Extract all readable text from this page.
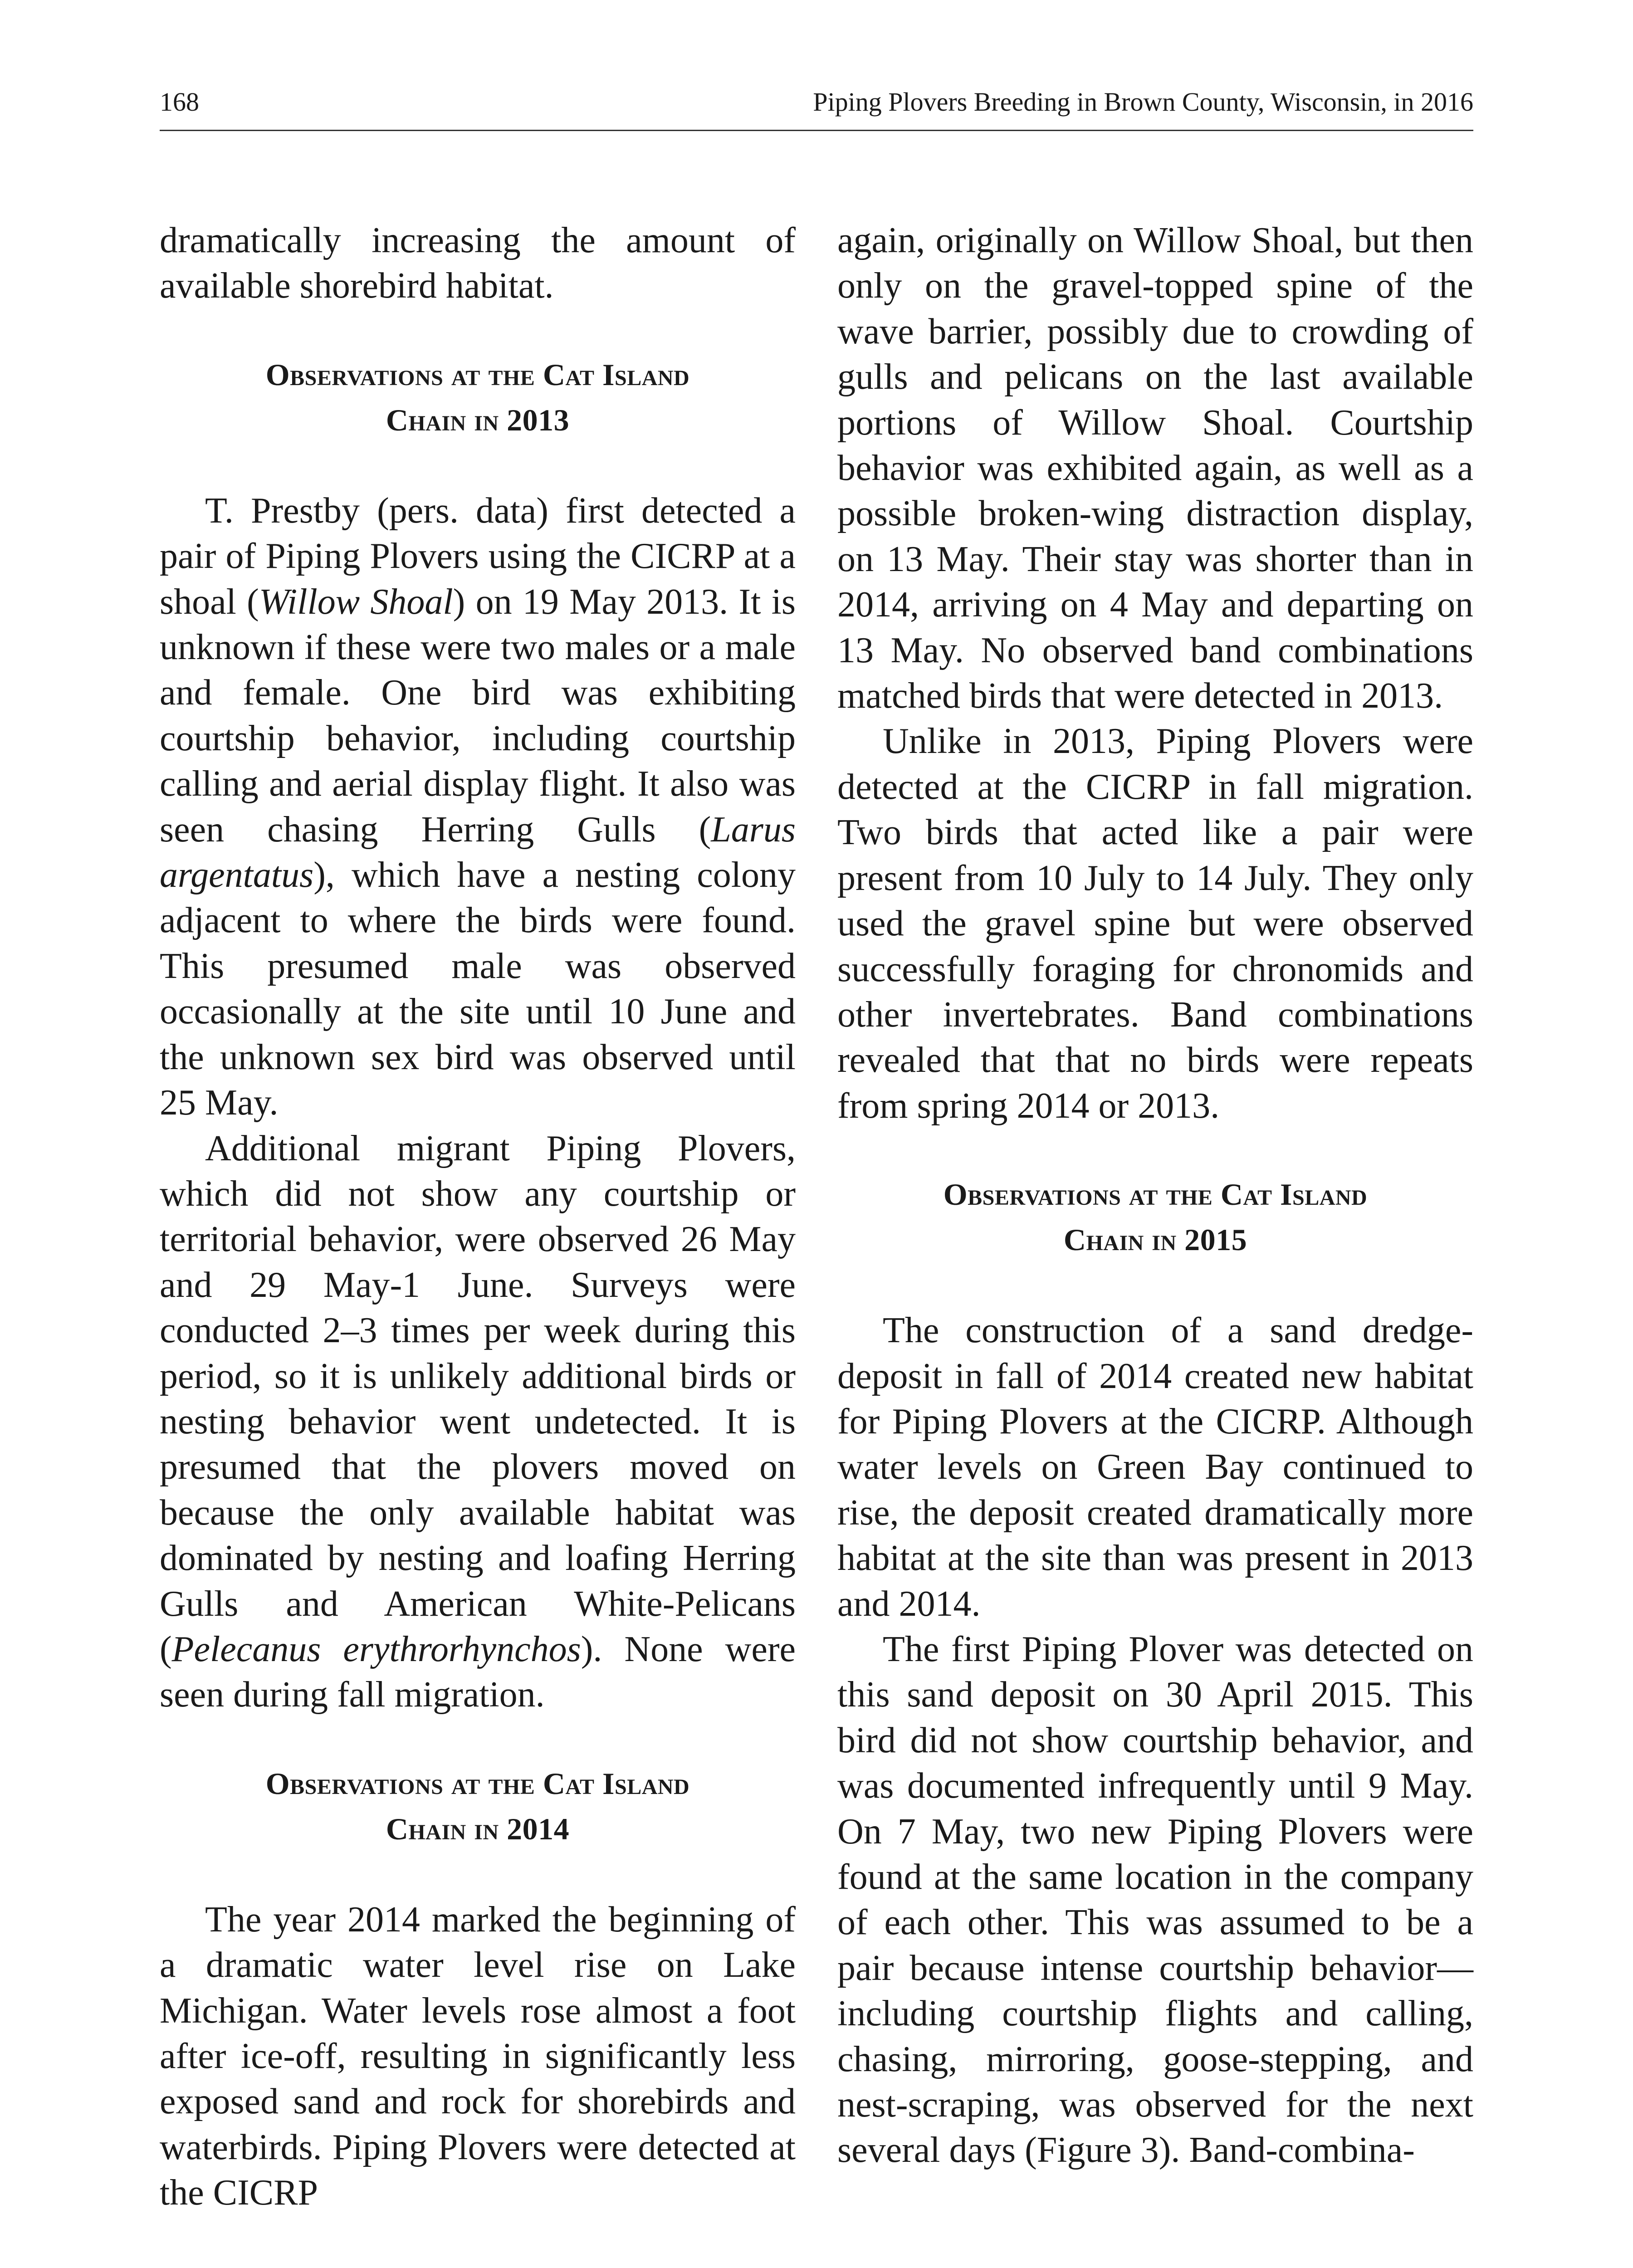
168	Piping Plovers Breeding in Brown County, Wisconsin, in 2016

dramatically increasing the amount of available shorebird habitat.

Observations at the Cat Island
Chain in 2013

T. Prestby (pers. data) first detected a pair of Piping Plovers using the CICRP at a shoal (Willow Shoal) on 19 May 2013. It is unknown if these were two males or a male and female. One bird was exhibiting courtship behavior, including courtship calling and aerial display flight. It also was seen chasing Herring Gulls (Larus argentatus), which have a nesting colony adjacent to where the birds were found. This presumed male was observed occasionally at the site until 10 June and the unknown sex bird was observed until 25 May.

Additional migrant Piping Plovers, which did not show any courtship or territorial behavior, were observed 26 May and 29 May-1 June. Surveys were conducted 2–3 times per week during this period, so it is unlikely additional birds or nesting behavior went undetected. It is presumed that the plovers moved on because the only available habitat was dominated by nesting and loafing Herring Gulls and American White-Pelicans (Pelecanus erythrorhynchos). None were seen during fall migration.

Observations at the Cat Island
Chain in 2014

The year 2014 marked the beginning of a dramatic water level rise on Lake Michigan. Water levels rose almost a foot after ice-off, resulting in significantly less exposed sand and rock for shorebirds and waterbirds. Piping Plovers were detected at the CICRP

again, originally on Willow Shoal, but then only on the gravel-topped spine of the wave barrier, possibly due to crowding of gulls and pelicans on the last available portions of Willow Shoal. Courtship behavior was exhibited again, as well as a possible broken-wing distraction display, on 13 May. Their stay was shorter than in 2014, arriving on 4 May and departing on 13 May. No observed band combinations matched birds that were detected in 2013.

Unlike in 2013, Piping Plovers were detected at the CICRP in fall migration. Two birds that acted like a pair were present from 10 July to 14 July. They only used the gravel spine but were observed successfully foraging for chronomids and other invertebrates. Band combinations revealed that that no birds were repeats from spring 2014 or 2013.

Observations at the Cat Island
Chain in 2015

The construction of a sand dredge-deposit in fall of 2014 created new habitat for Piping Plovers at the CICRP. Although water levels on Green Bay continued to rise, the deposit created dramatically more habitat at the site than was present in 2013 and 2014.

The first Piping Plover was detected on this sand deposit on 30 April 2015. This bird did not show courtship behavior, and was documented infrequently until 9 May. On 7 May, two new Piping Plovers were found at the same location in the company of each other. This was assumed to be a pair because intense courtship behavior—including courtship flights and calling, chasing, mirroring, goose-stepping, and nest-scraping, was observed for the next several days (Figure 3). Band-combina-
